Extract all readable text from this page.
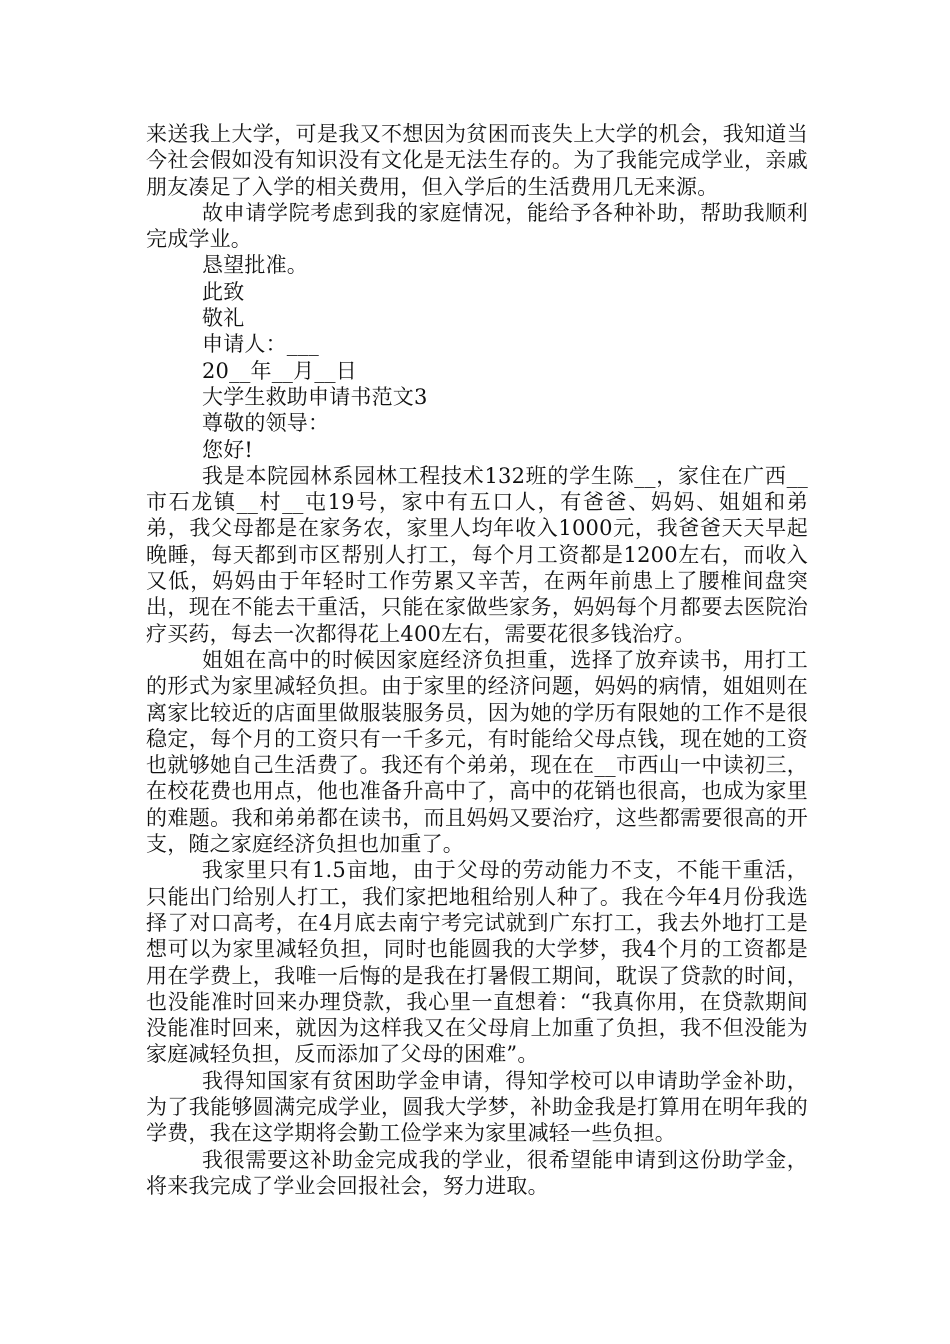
来送我上大学，可是我又不想因为贫困而丧失上大学的机会，我知道当今社会假如没有知识没有文化是无法生存的。为了我能完成学业，亲戚朋友凑足了入学的相关费用，但入学后的生活费用几无来源。

故申请学院考虑到我的家庭情况，能给予各种补助，帮助我顺利完成学业。

恳望批准。

此致

敬礼

申请人：___

20__年__月__日

大学生救助申请书范文3

尊敬的领导：

您好!

我是本院园林系园林工程技术132班的学生陈__，家住在广西__市石龙镇__村__屯19号，家中有五口人，有爸爸、妈妈、姐姐和弟弟，我父母都是在家务农，家里人均年收入1000元，我爸爸天天早起晚睡，每天都到市区帮别人打工，每个月工资都是1200左右，而收入又低，妈妈由于年轻时工作劳累又辛苦，在两年前患上了腰椎间盘突出，现在不能去干重活，只能在家做些家务，妈妈每个月都要去医院治疗买药，每去一次都得花上400左右，需要花很多钱治疗。

姐姐在高中的时候因家庭经济负担重，选择了放弃读书，用打工的形式为家里减轻负担。由于家里的经济问题，妈妈的病情，姐姐则在离家比较近的店面里做服装服务员，因为她的学历有限她的工作不是很稳定，每个月的工资只有一千多元，有时能给父母点钱，现在她的工资也就够她自己生活费了。我还有个弟弟，现在在__市西山一中读初三，在校花费也用点，他也准备升高中了，高中的花销也很高，也成为家里的难题。我和弟弟都在读书，而且妈妈又要治疗，这些都需要很高的开支，随之家庭经济负担也加重了。

我家里只有1.5亩地，由于父母的劳动能力不支，不能干重活，只能出门给别人打工，我们家把地租给别人种了。我在今年4月份我选择了对口高考，在4月底去南宁考完试就到广东打工，我去外地打工是想可以为家里减轻负担，同时也能圆我的大学梦，我4个月的工资都是用在学费上，我唯一后悔的是我在打暑假工期间，耽误了贷款的时间，也没能准时回来办理贷款，我心里一直想着：“我真你用，在贷款期间没能准时回来，就因为这样我又在父母肩上加重了负担，我不但没能为家庭减轻负担，反而添加了父母的困难”。

我得知国家有贫困助学金申请，得知学校可以申请助学金补助，为了我能够圆满完成学业，圆我大学梦，补助金我是打算用在明年我的学费，我在这学期将会勤工俭学来为家里减轻一些负担。

我很需要这补助金完成我的学业，很希望能申请到这份助学金，将来我完成了学业会回报社会，努力进取。
